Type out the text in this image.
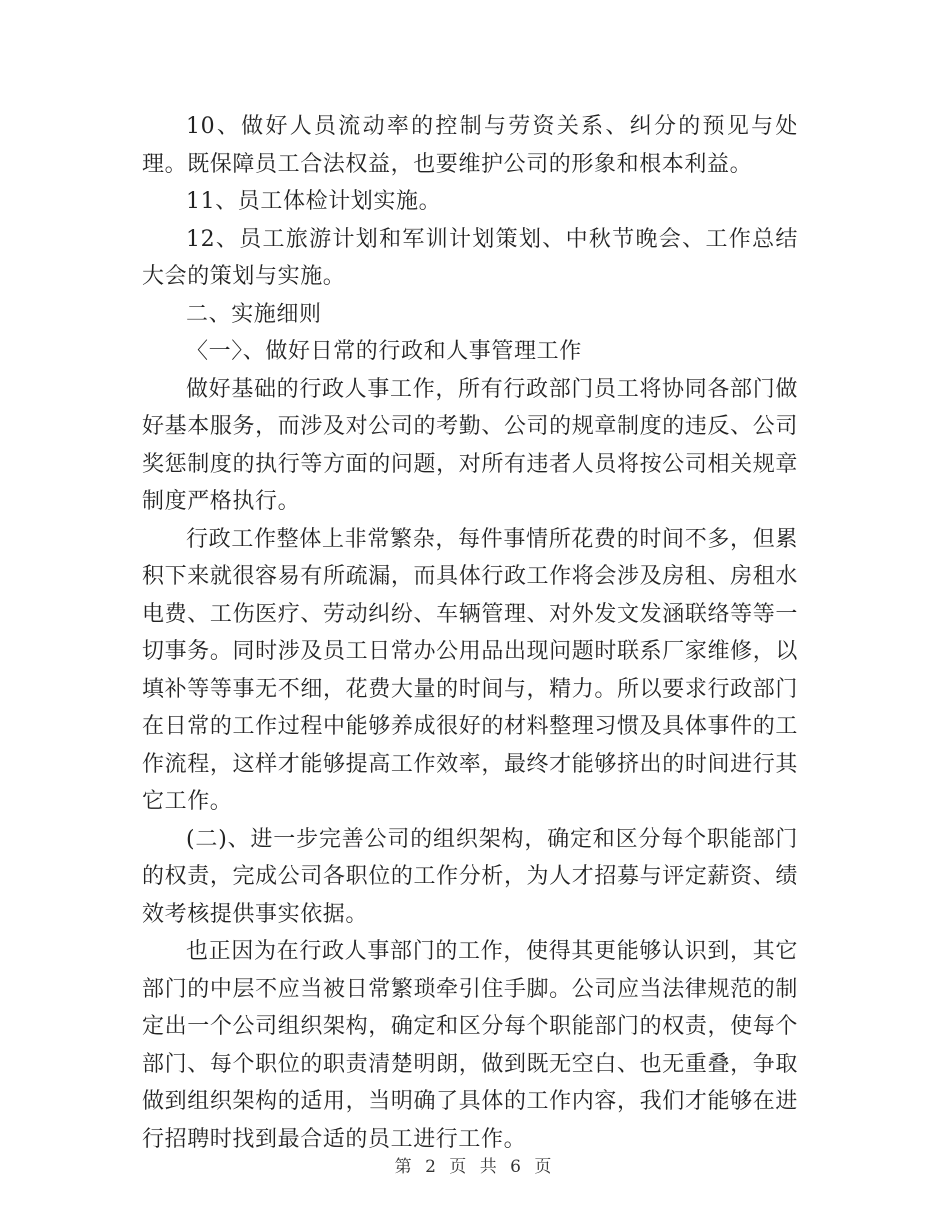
10、做好人员流动率的控制与劳资关系、纠分的预见与处理。既保障员工合法权益，也要维护公司的形象和根本利益。

11、员工体检计划实施。

12、员工旅游计划和军训计划策划、中秋节晚会、工作总结大会的策划与实施。

二、实施细则

〈一〉、做好日常的行政和人事管理工作

做好基础的行政人事工作，所有行政部门员工将协同各部门做好基本服务，而涉及对公司的考勤、公司的规章制度的违反、公司奖惩制度的执行等方面的问题，对所有违者人员将按公司相关规章制度严格执行。

行政工作整体上非常繁杂，每件事情所花费的时间不多，但累积下来就很容易有所疏漏，而具体行政工作将会涉及房租、房租水电费、工伤医疗、劳动纠纷、车辆管理、对外发文发涵联络等等一切事务。同时涉及员工日常办公用品出现问题时联系厂家维修，以填补等等事无不细，花费大量的时间与，精力。所以要求行政部门在日常的工作过程中能够养成很好的材料整理习惯及具体事件的工作流程，这样才能够提高工作效率，最终才能够挤出的时间进行其它工作。

(二)、进一步完善公司的组织架构，确定和区分每个职能部门的权责，完成公司各职位的工作分析，为人才招募与评定薪资、绩效考核提供事实依据。

也正因为在行政人事部门的工作，使得其更能够认识到，其它部门的中层不应当被日常繁琐牵引住手脚。公司应当法律规范的制定出一个公司组织架构，确定和区分每个职能部门的权责，使每个部门、每个职位的职责清楚明朗，做到既无空白、也无重叠，争取做到组织架构的适用，当明确了具体的工作内容，我们才能够在进行招聘时找到最合适的员工进行工作。

第 2 页 共 6 页
